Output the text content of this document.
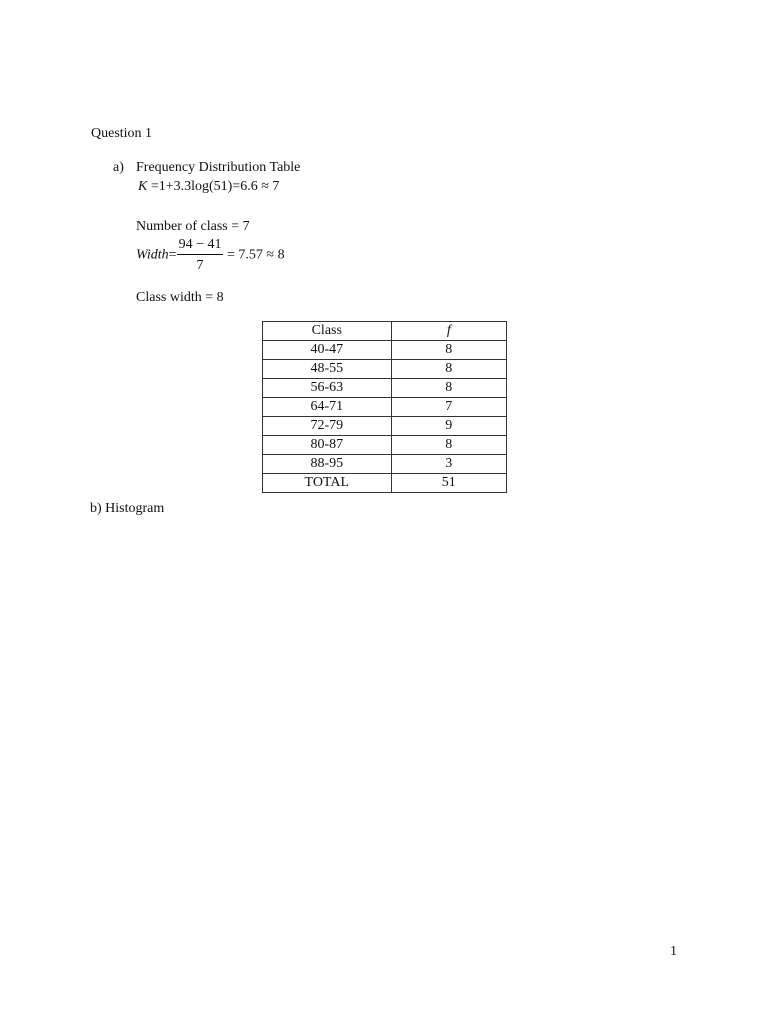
Question 1
a) Frequency Distribution Table
K =1+3.3log(51)=6.6 ≈ 7
Number of class = 7
Width= $\frac{94 - 41}{7} = 7.57 \approx 8$
Class width = 8
Class	f
40-47	8
48-55	8
56-63	8
64-71	7
72-79	9
80-87	8
88-95	3
TOTAL	51
b) Histogram
1
